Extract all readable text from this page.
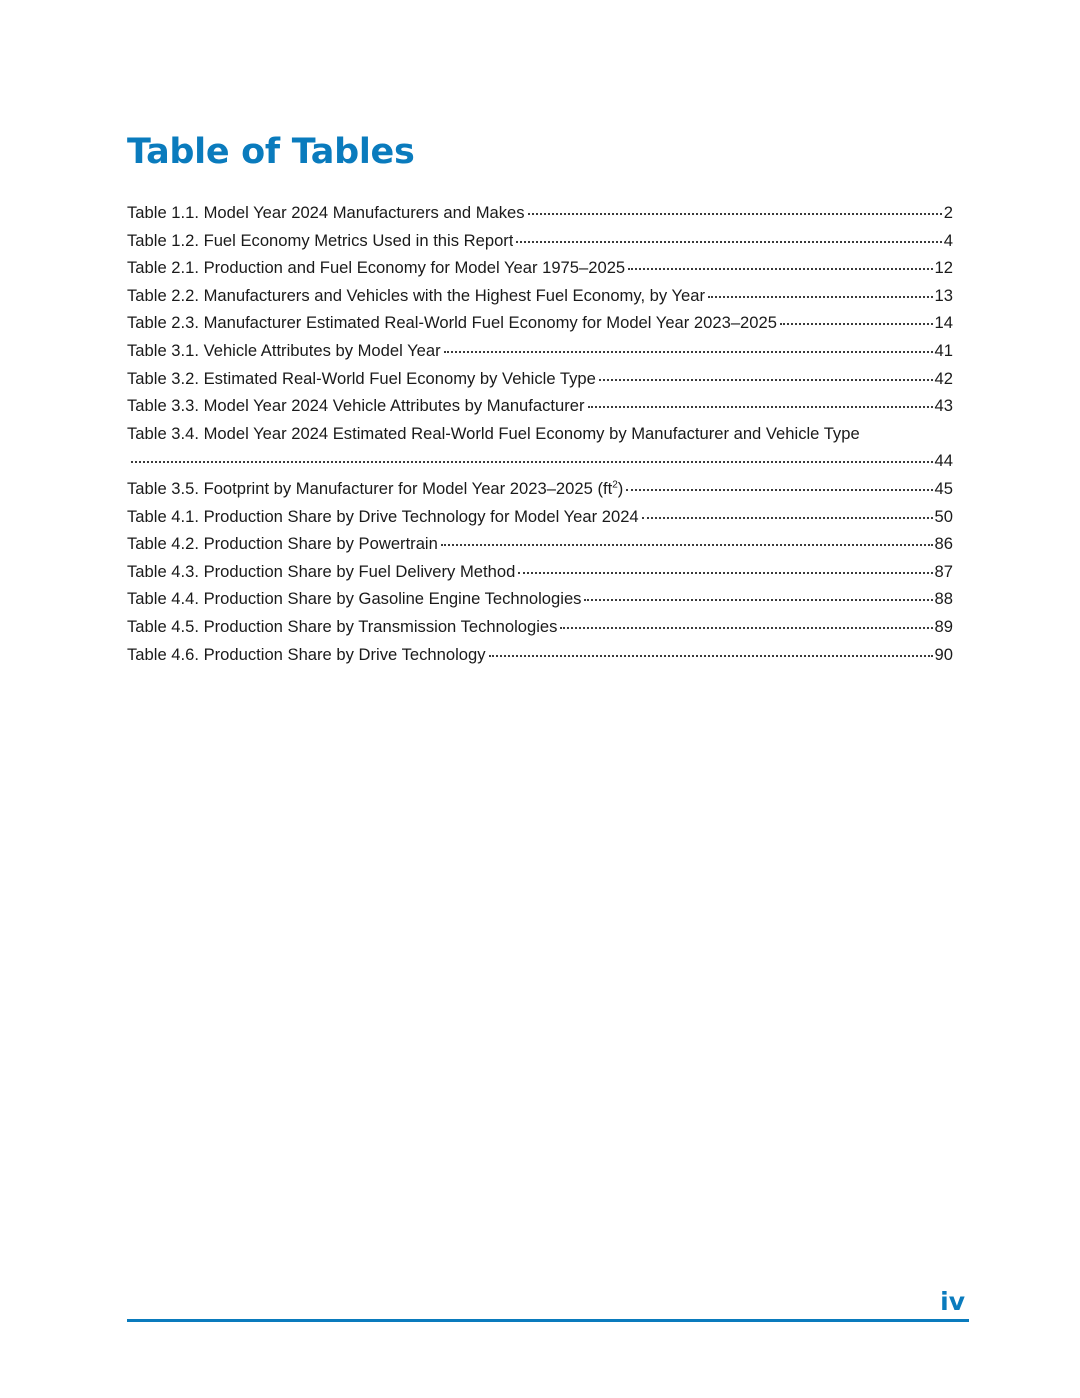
Table of Tables
Table 1.1. Model Year 2024 Manufacturers and Makes	2
Table 1.2. Fuel Economy Metrics Used in this Report	4
Table 2.1. Production and Fuel Economy for Model Year 1975–2025	12
Table 2.2. Manufacturers and Vehicles with the Highest Fuel Economy, by Year	13
Table 2.3. Manufacturer Estimated Real-World Fuel Economy for Model Year 2023–2025	14
Table 3.1. Vehicle Attributes by Model Year	41
Table 3.2. Estimated Real-World Fuel Economy by Vehicle Type	42
Table 3.3. Model Year 2024 Vehicle Attributes by Manufacturer	43
Table 3.4. Model Year 2024 Estimated Real-World Fuel Economy by Manufacturer and Vehicle Type
44
Table 3.5. Footprint by Manufacturer for Model Year 2023–2025 $(ft^2)$	45
Table 4.1. Production Share by Drive Technology for Model Year 2024	50
Table 4.2. Production Share by Powertrain	86
Table 4.3. Production Share by Fuel Delivery Method	87
Table 4.4. Production Share by Gasoline Engine Technologies	88
Table 4.5. Production Share by Transmission Technologies	89
Table 4.6. Production Share by Drive Technology	90
iv
